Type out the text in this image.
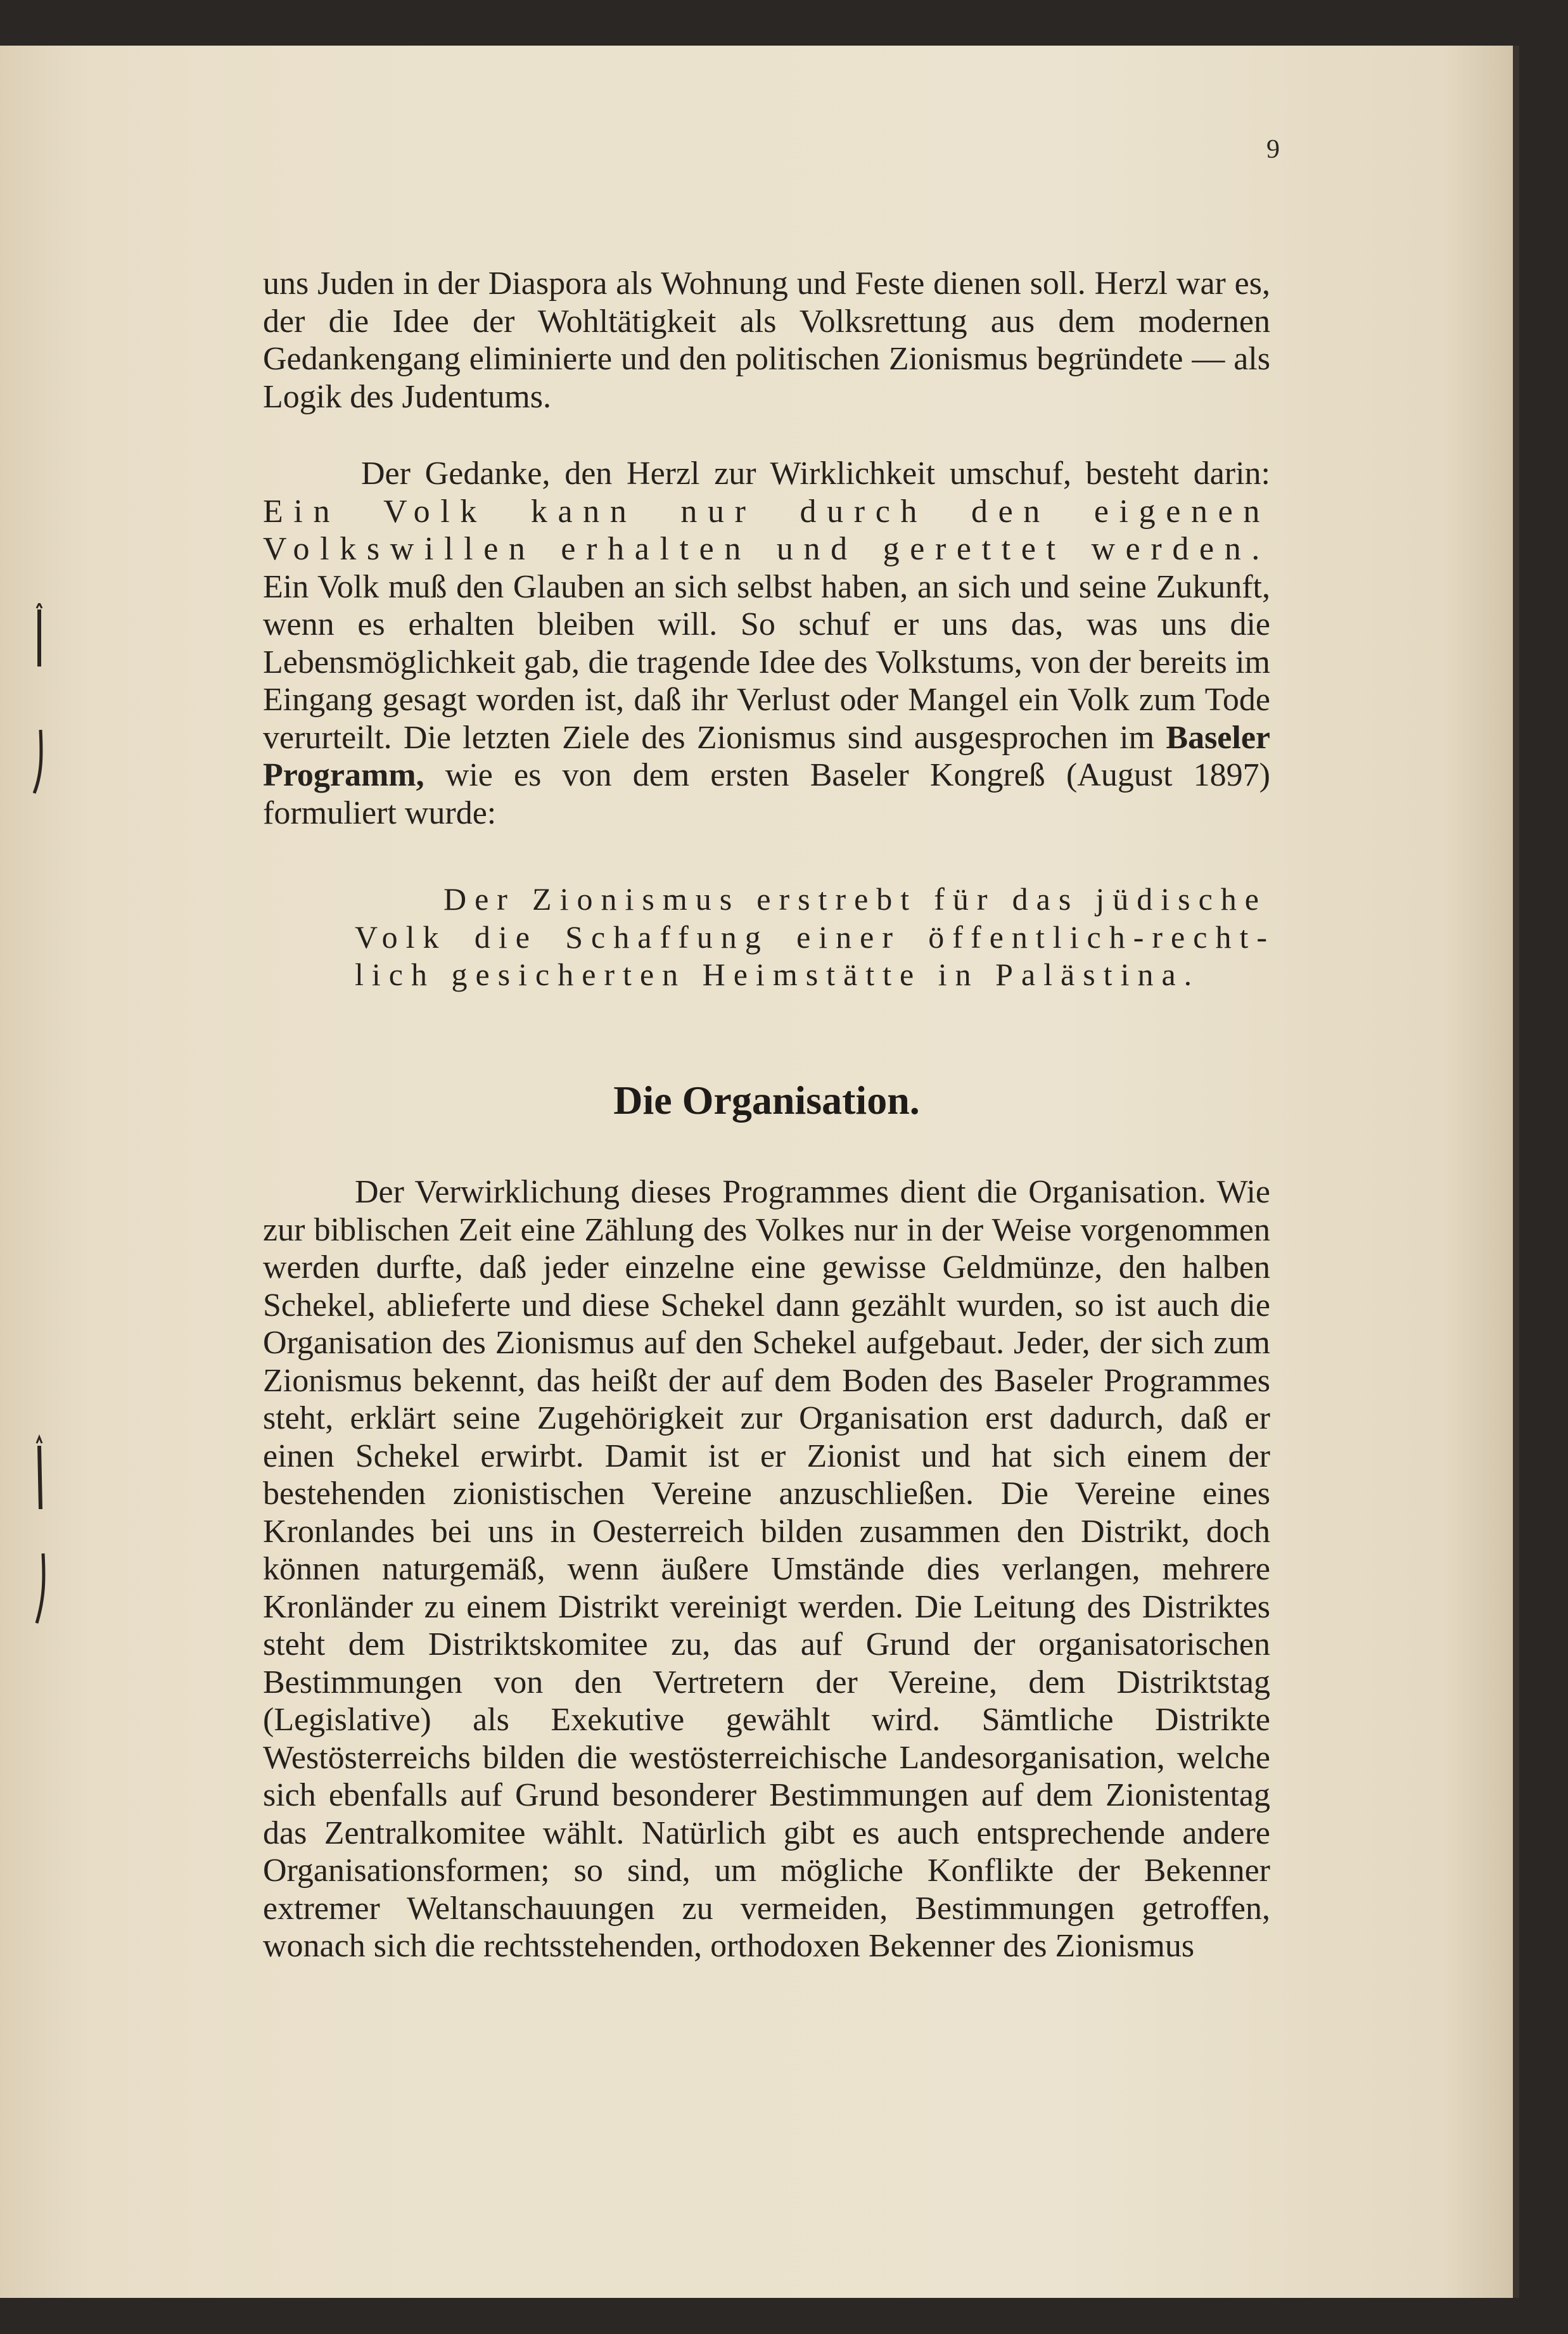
9

uns Juden in der Diaspora als Wohnung und Feste dienen soll. Herzl war es, der die Idee der Wohltätigkeit als Volksrettung aus dem modernen Gedankengang eliminierte und den politischen Zionismus begründete — als Logik des Judentums.

Der Gedanke, den Herzl zur Wirklichkeit umschuf, besteht darin: Ein Volk kann nur durch den eigenen Volkswillen erhalten und gerettet werden. Ein Volk muß den Glauben an sich selbst haben, an sich und seine Zukunft, wenn es erhalten bleiben will. So schuf er uns das, was uns die Lebensmöglichkeit gab, die tragende Idee des Volkstums, von der bereits im Eingang gesagt worden ist, daß ihr Verlust oder Mangel ein Volk zum Tode verurteilt. Die letzten Ziele des Zionismus sind ausgesprochen im Baseler Programm, wie es von dem ersten Baseler Kongreß (August 1897) formuliert wurde:

Der Zionismus erstrebt für das jüdische Volk die Schaffung einer öffentlich-rechtlich gesicherten Heimstätte in Palästina.

Die Organisation.

Der Verwirklichung dieses Programmes dient die Organisation. Wie zur biblischen Zeit eine Zählung des Volkes nur in der Weise vorgenommen werden durfte, daß jeder einzelne eine gewisse Geldmünze, den halben Schekel, ablieferte und diese Schekel dann gezählt wurden, so ist auch die Organisation des Zionismus auf den Schekel aufgebaut. Jeder, der sich zum Zionismus bekennt, das heißt der auf dem Boden des Baseler Programmes steht, erklärt seine Zugehörigkeit zur Organisation erst dadurch, daß er einen Schekel erwirbt. Damit ist er Zionist und hat sich einem der bestehenden zionistischen Vereine anzuschließen. Die Vereine eines Kronlandes bei uns in Oesterreich bilden zusammen den Distrikt, doch können naturgemäß, wenn äußere Umstände dies verlangen, mehrere Kronländer zu einem Distrikt vereinigt werden. Die Leitung des Distriktes steht dem Distriktskomitee zu, das auf Grund der organisatorischen Bestimmungen von den Vertretern der Vereine, dem Distriktstag (Legislative) als Exekutive gewählt wird. Sämtliche Distrikte Westösterreichs bilden die westösterreichische Landesorganisation, welche sich ebenfalls auf Grund besonderer Bestimmungen auf dem Zionistentag das Zentralkomitee wählt. Natürlich gibt es auch entsprechende andere Organisationsformen; so sind, um mögliche Konflikte der Bekenner extremer Weltanschauungen zu vermeiden, Bestimmungen getroffen, wonach sich die rechtsstehenden, orthodoxen Bekenner des Zionismus
